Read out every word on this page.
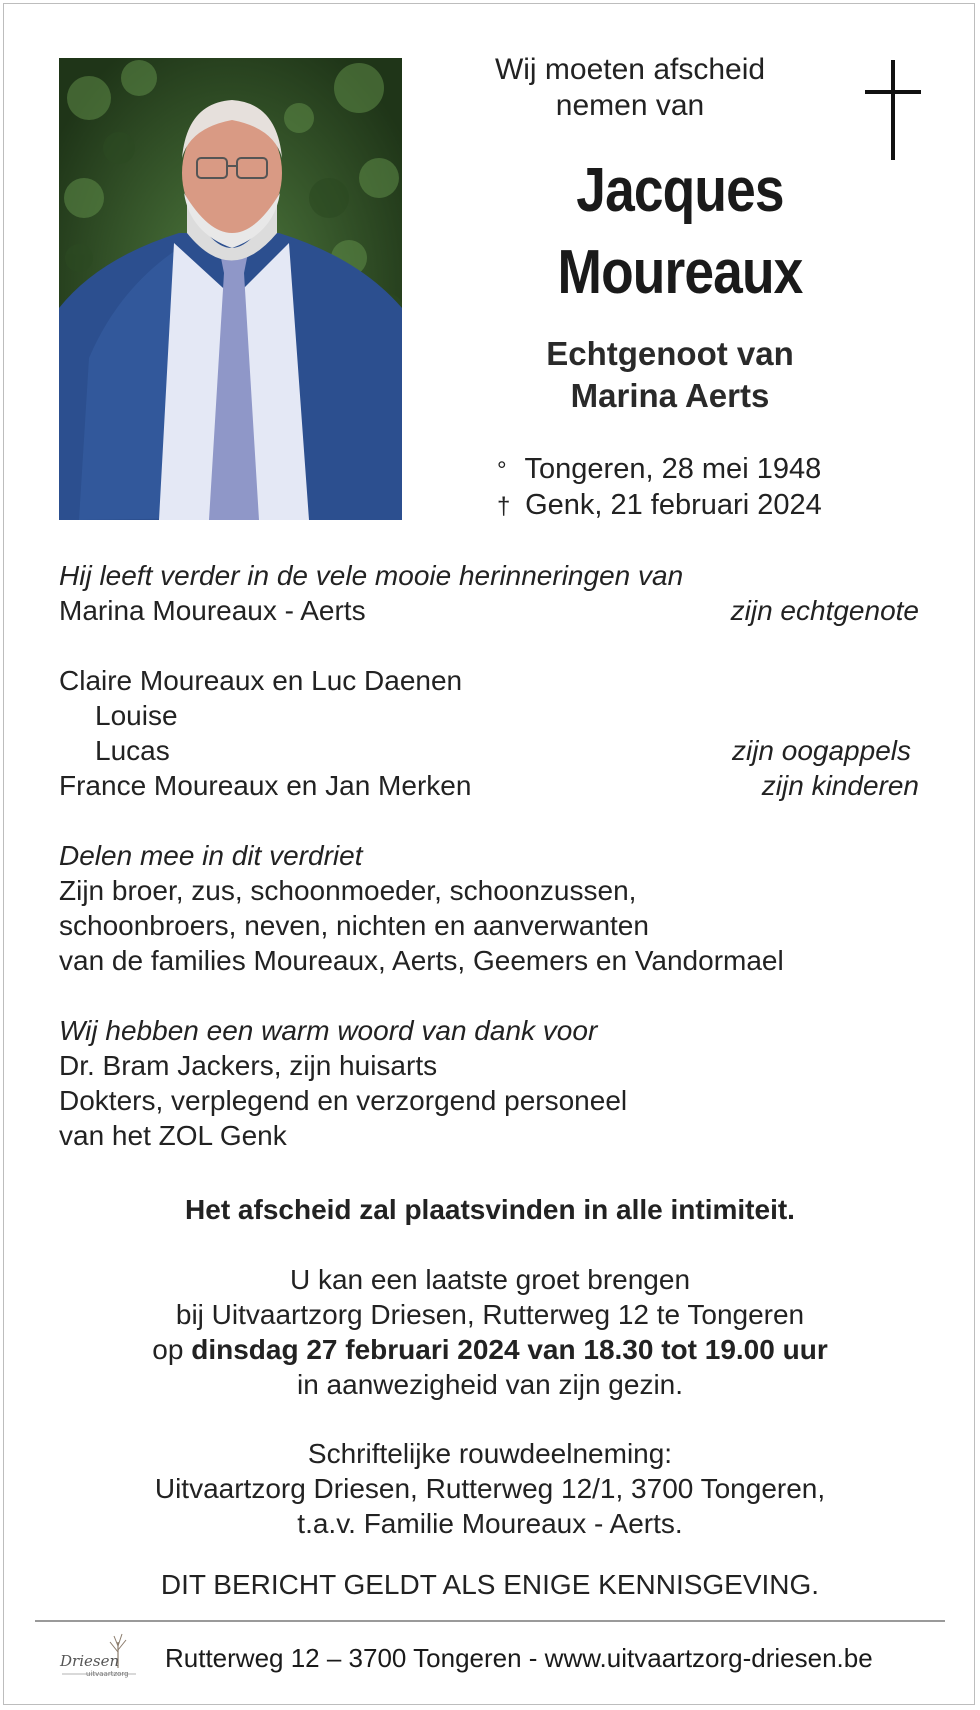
Wij moeten afscheid
nemen van
Jacques
Moureaux
Echtgenoot van
Marina Aerts
° Tongeren, 28 mei 1948
† Genk, 21 februari 2024
Hij leeft verder in de vele mooie herinneringen van
Marina Moureaux - Aerts	zijn echtgenote
Claire Moureaux en Luc Daenen
Louise
Lucas	zijn oogappels
France Moureaux en Jan Merken	zijn kinderen
Delen mee in dit verdriet
Zijn broer, zus, schoonmoeder, schoonzussen,
schoonbroers, neven, nichten en aanverwanten
van de families Moureaux, Aerts, Geemers en Vandormael
Wij hebben een warm woord van dank voor
Dr. Bram Jackers, zijn huisarts
Dokters, verplegend en verzorgend personeel
van het ZOL Genk
Het afscheid zal plaatsvinden in alle intimiteit.
U kan een laatste groet brengen
bij Uitvaartzorg Driesen, Rutterweg 12 te Tongeren
op dinsdag 27 februari 2024 van 18.30 tot 19.00 uur
in aanwezigheid van zijn gezin.
Schriftelijke rouwdeelneming:
Uitvaartzorg Driesen, Rutterweg 12/1, 3700 Tongeren,
t.a.v. Familie Moureaux - Aerts.
DIT BERICHT GELDT ALS ENIGE KENNISGEVING.
Driesen
uitvaartzorg
Rutterweg 12 – 3700 Tongeren - www.uitvaartzorg-driesen.be
